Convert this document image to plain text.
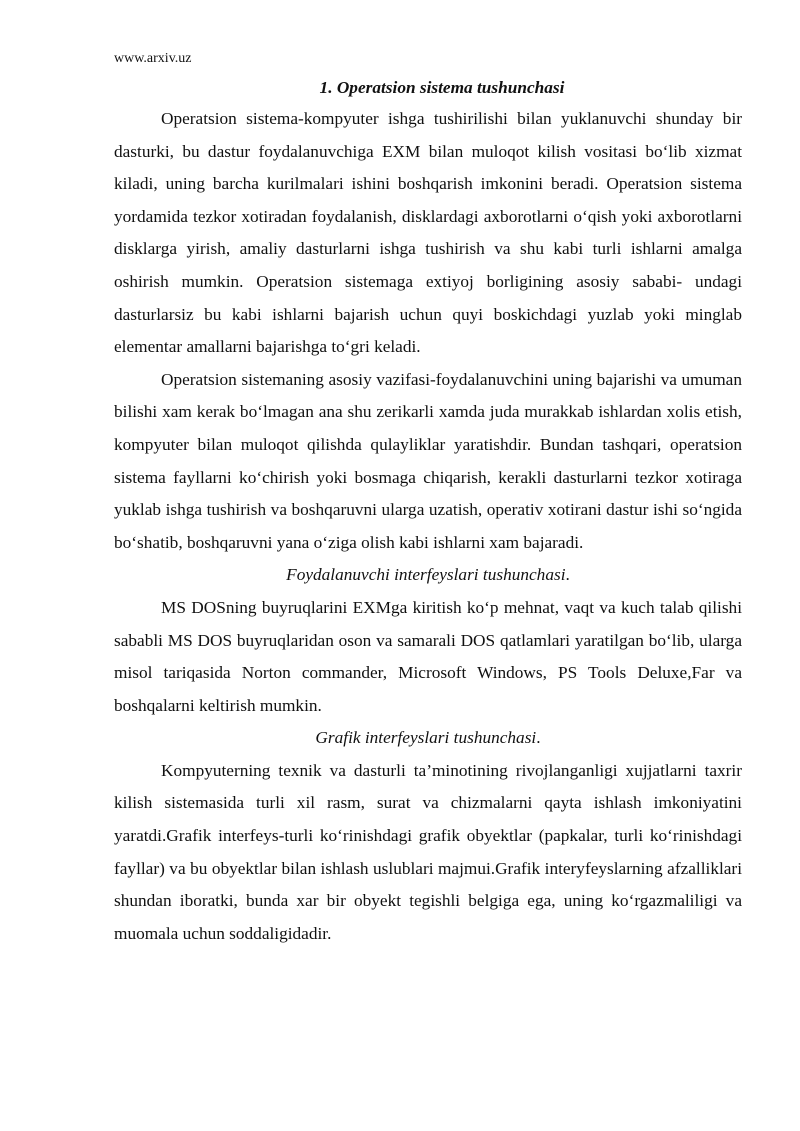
www.arxiv.uz
1. Operatsion sistema tushunchasi

Operatsion sistema-kompyuter ishga tushirilishi bilan yuklanuvchi shunday bir dasturki, bu dastur foydalanuvchiga EXM bilan muloqot kilish vositasi bo‘lib xizmat kiladi, uning barcha kurilmalari ishini boshqarish imkonini beradi. Operatsion sistema yordamida tezkor xotiradan foydalanish, disklardagi axborotlarni o‘qish yoki axborotlarni disklarga yirish, amaliy dasturlarni ishga tushirish va shu kabi turli ishlarni amalga oshirish mumkin. Operatsion sistemaga extiyoj borligining asosiy sababi- undagi dasturlarsiz bu kabi ishlarni bajarish uchun quyi boskichdagi yuzlab yoki minglab elementar amallarni bajarishga to‘gri keladi.

Operatsion sistemaning asosiy vazifasi-foydalanuvchini uning bajarishi va umuman bilishi xam kerak bo‘lmagan ana shu zerikarli xamda juda murakkab ishlardan xolis etish, kompyuter bilan muloqot qilishda qulayliklar yaratishdir. Bundan tashqari, operatsion sistema fayllarni ko‘chirish yoki bosmaga chiqarish, kerakli dasturlarni tezkor xotiraga yuklab ishga tushirish va boshqaruvni ularga uzatish, operativ xotirani dastur ishi so‘ngida bo‘shatib, boshqaruvni yana o‘ziga olish kabi ishlarni xam bajaradi.

Foydalanuvchi interfeyslari tushunchasi.

MS DOSning buyruqlarini EXMga kiritish ko‘p mehnat, vaqt va kuch talab qilishi sababli MS DOS buyruqlaridan oson va samarali DOS qatlamlari yaratilgan bo‘lib, ularga misol tariqasida Norton commander, Microsoft Windows, PS Tools Deluxe,Far va boshqalarni keltirish mumkin.

Grafik interfeyslari tushunchasi.

Kompyuterning texnik va dasturli ta’minotining rivojlanganligi xujjatlarni taxrir kilish sistemasida turli xil rasm, surat va chizmalarni qayta ishlash imkoniyatini yaratdi.Grafik interfeys-turli ko‘rinishdagi grafik obyektlar (papkalar, turli ko‘rinishdagi fayllar) va bu obyektlar bilan ishlash uslublari majmui.Grafik interyfeyslarning afzalliklari shundan iboratki, bunda xar bir obyekt tegishli belgiga ega, uning ko‘rgazmaliligi va muomala uchun soddaligidadir.
